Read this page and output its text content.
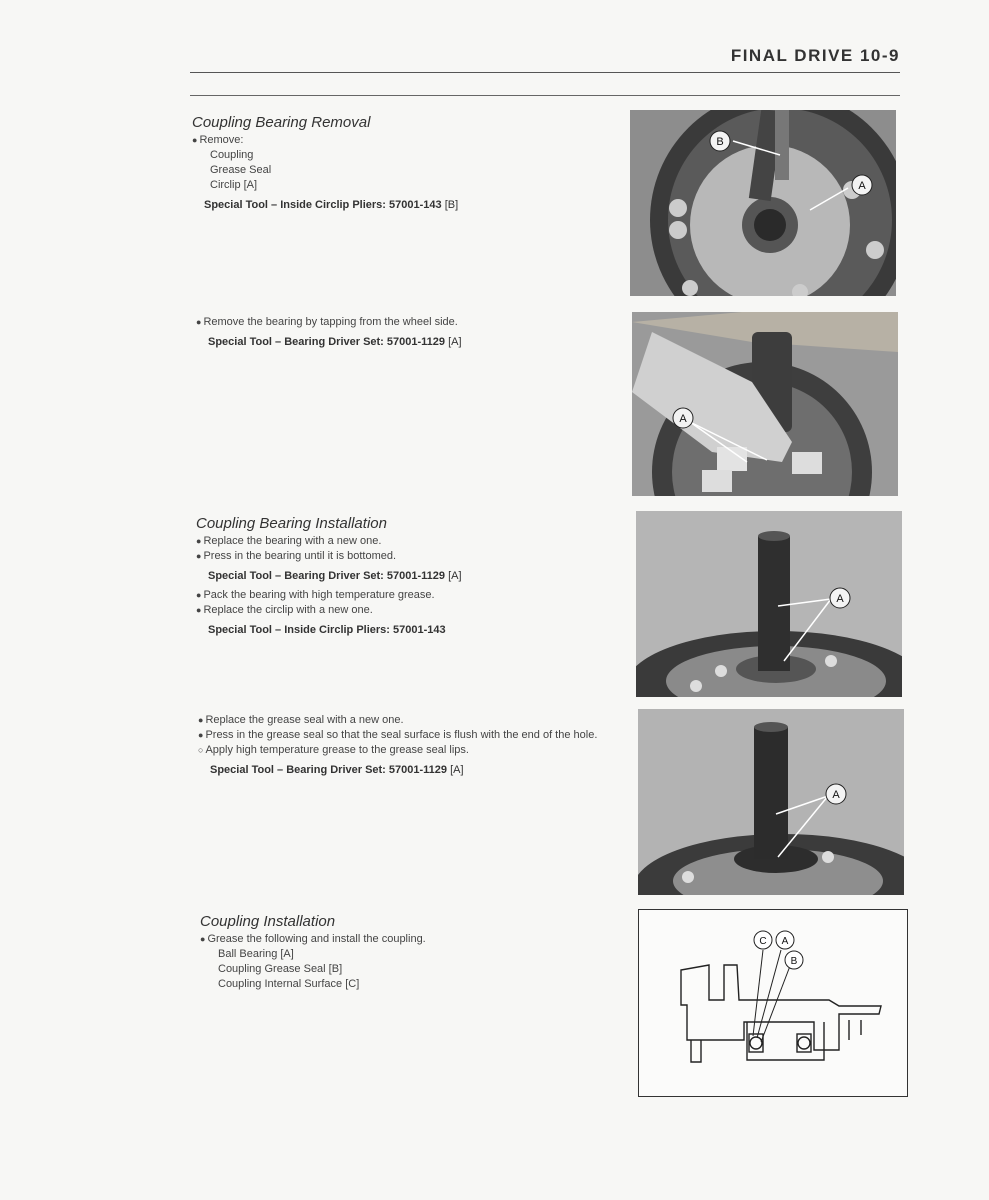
FINAL DRIVE 10-9
Coupling Bearing Removal
● Remove:
Coupling
Grease Seal
Circlip [A]
Special Tool – Inside Circlip Pliers: 57001-143 [B]
● Remove the bearing by tapping from the wheel side.
Special Tool – Bearing Driver Set: 57001-1129 [A]
Coupling Bearing Installation
● Replace the bearing with a new one.
● Press in the bearing until it is bottomed.
Special Tool – Bearing Driver Set: 57001-1129 [A]
● Pack the bearing with high temperature grease.
● Replace the circlip with a new one.
Special Tool – Inside Circlip Pliers: 57001-143
● Replace the grease seal with a new one.
● Press in the grease seal so that the seal surface is flush with the end of the hole.
○ Apply high temperature grease to the grease seal lips.
Special Tool – Bearing Driver Set: 57001-1129 [A]
Coupling Installation
● Grease the following and install the coupling.
Ball Bearing [A]
Coupling Grease Seal [B]
Coupling Internal Surface [C]
B
A
A
A
A
C A
B
